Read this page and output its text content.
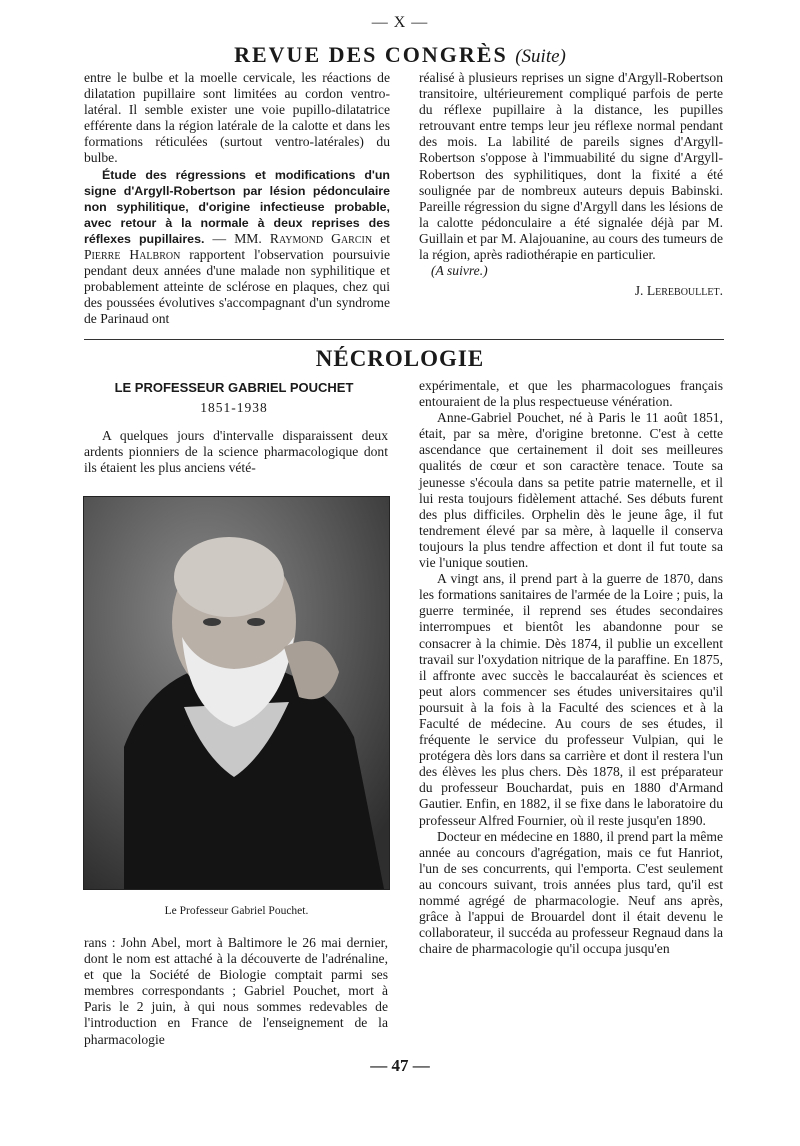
— X —
REVUE DES CONGRÈS (Suite)

entre le bulbe et la moelle cervicale, les réactions de dilatation pupillaire sont limitées au cordon ventro-latéral. Il semble exister une voie pupillo-dilatatrice efférente dans la région latérale de la calotte et dans les formations réticulées (surtout ventro-latérales) du bulbe.

Étude des régressions et modifications d'un signe d'Argyll-Robertson par lésion pédonculaire non syphilitique, d'origine infectieuse probable, avec retour à la normale à deux reprises des réflexes pupillaires. — MM. Raymond Garcin et Pierre Halbron rapportent l'observation poursuivie pendant deux années d'une malade non syphilitique et probablement atteinte de sclérose en plaques, chez qui des poussées évolutives s'accompagnant d'un syndrome de Parinaud ont

réalisé à plusieurs reprises un signe d'Argyll-Robertson transitoire, ultérieurement compliqué parfois de perte du réflexe pupillaire à la distance, les pupilles retrouvant entre temps leur jeu réflexe normal pendant des mois. La labilité de pareils signes d'Argyll-Robertson s'oppose à l'immuabilité du signe d'Argyll-Robertson des syphilitiques, dont la fixité a été soulignée par de nombreux auteurs depuis Babinski. Pareille régression du signe d'Argyll dans les lésions de la calotte pédonculaire a été signalée déjà par M. Guillain et par M. Alajouanine, au cours des tumeurs de la région, après radiothérapie en particulier.

(A suivre.)

J. Lereboullet.

NÉCROLOGIE
LE PROFESSEUR GABRIEL POUCHET
1851-1938

A quelques jours d'intervalle disparaissent deux ardents pionniers de la science pharmacologique dont ils étaient les plus anciens vété-

Le Professeur Gabriel Pouchet.

rans : John Abel, mort à Baltimore le 26 mai dernier, dont le nom est attaché à la découverte de l'adrénaline, et que la Société de Biologie comptait parmi ses membres correspondants ; Gabriel Pouchet, mort à Paris le 2 juin, à qui nous sommes redevables de l'introduction en France de l'enseignement de la pharmacologie

expérimentale, et que les pharmacologues français entouraient de la plus respectueuse vénération.

Anne-Gabriel Pouchet, né à Paris le 11 août 1851, était, par sa mère, d'origine bretonne. C'est à cette ascendance que certainement il doit ses meilleures qualités de cœur et son caractère tenace. Toute sa jeunesse s'écoula dans sa petite patrie maternelle, et il lui resta toujours fidèlement attaché. Ses débuts furent des plus difficiles. Orphelin dès le jeune âge, il fut tendrement élevé par sa mère, à laquelle il conserva toujours la plus tendre affection et dont il fut toute sa vie l'unique soutien.

A vingt ans, il prend part à la guerre de 1870, dans les formations sanitaires de l'armée de la Loire ; puis, la guerre terminée, il reprend ses études secondaires interrompues et bientôt les abandonne pour se consacrer à la chimie. Dès 1874, il publie un excellent travail sur l'oxydation nitrique de la paraffine. En 1875, il affronte avec succès le baccalauréat ès sciences et peut alors commencer ses études universitaires qu'il poursuit à la fois à la Faculté des sciences et à la Faculté de médecine. Au cours de ses études, il fréquente le service du professeur Vulpian, qui le protégera dès lors dans sa carrière et dont il restera l'un des élèves les plus chers. Dès 1878, il est préparateur du professeur Bouchardat, puis en 1880 d'Armand Gautier. Enfin, en 1882, il se fixe dans le laboratoire du professeur Alfred Fournier, où il reste jusqu'en 1890.

Docteur en médecine en 1880, il prend part la même année au concours d'agrégation, mais ce fut Hanriot, l'un de ses concurrents, qui l'emporta. C'est seulement au concours suivant, trois années plus tard, qu'il est nommé agrégé de pharmacologie. Neuf ans après, grâce à l'appui de Brouardel dont il était devenu le collaborateur, il succéda au professeur Regnaud dans la chaire de pharmacologie qu'il occupa jusqu'en

— 47 —
